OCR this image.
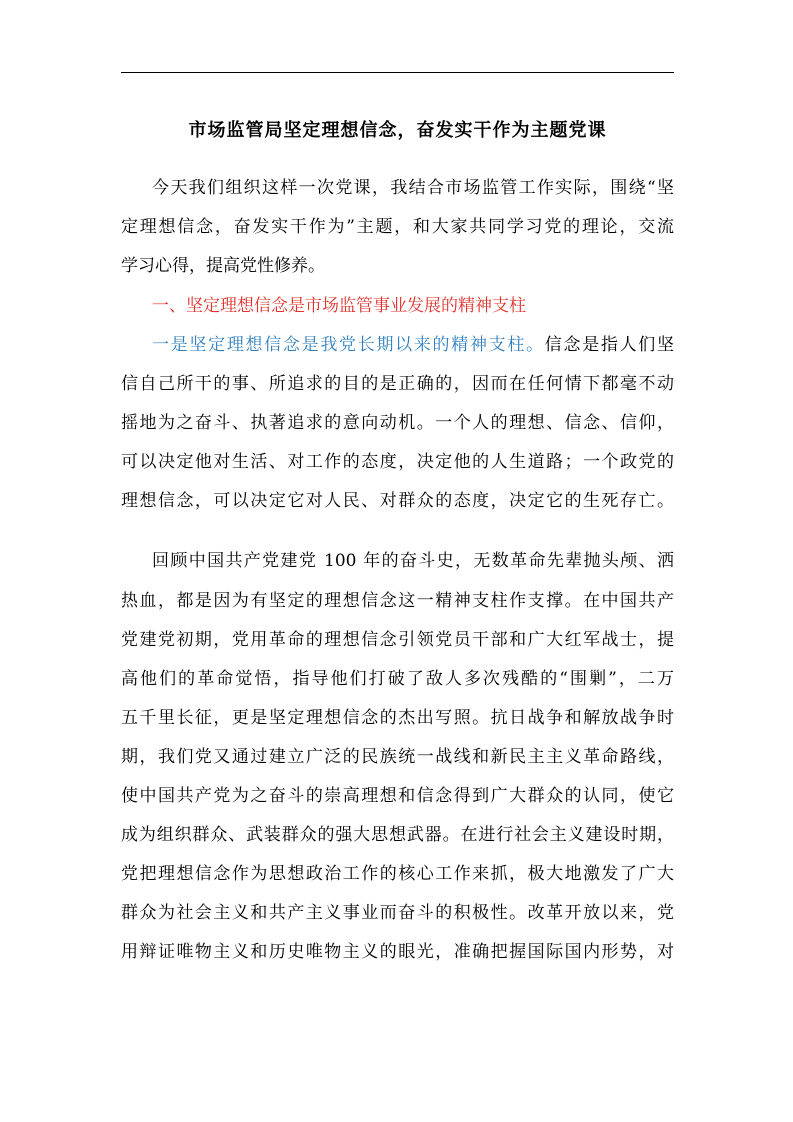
市场监管局坚定理想信念，奋发实干作为主题党课
今天我们组织这样一次党课，我结合市场监管工作实际，围绕“坚
定理想信念，奋发实干作为”主题，和大家共同学习党的理论，交流
学习心得，提高党性修养。
一、坚定理想信念是市场监管事业发展的精神支柱
一是坚定理想信念是我党长期以来的精神支柱。信念是指人们坚
信自己所干的事、所追求的目的是正确的，因而在任何情下都毫不动
摇地为之奋斗、执著追求的意向动机。一个人的理想、信念、信仰，
可以决定他对生活、对工作的态度，决定他的人生道路；一个政党的
理想信念，可以决定它对人民、对群众的态度，决定它的生死存亡。
回顾中国共产党建党 100 年的奋斗史，无数革命先辈抛头颅、洒
热血，都是因为有坚定的理想信念这一精神支柱作支撑。在中国共产
党建党初期，党用革命的理想信念引领党员干部和广大红军战士，提
高他们的革命觉悟，指导他们打破了敌人多次残酷的“围剿”，二万
五千里长征，更是坚定理想信念的杰出写照。抗日战争和解放战争时
期，我们党又通过建立广泛的民族统一战线和新民主主义革命路线，
使中国共产党为之奋斗的崇高理想和信念得到广大群众的认同，使它
成为组织群众、武装群众的强大思想武器。在进行社会主义建设时期，
党把理想信念作为思想政治工作的核心工作来抓，极大地激发了广大
群众为社会主义和共产主义事业而奋斗的积极性。改革开放以来，党
用辩证唯物主义和历史唯物主义的眼光，准确把握国际国内形势，对
